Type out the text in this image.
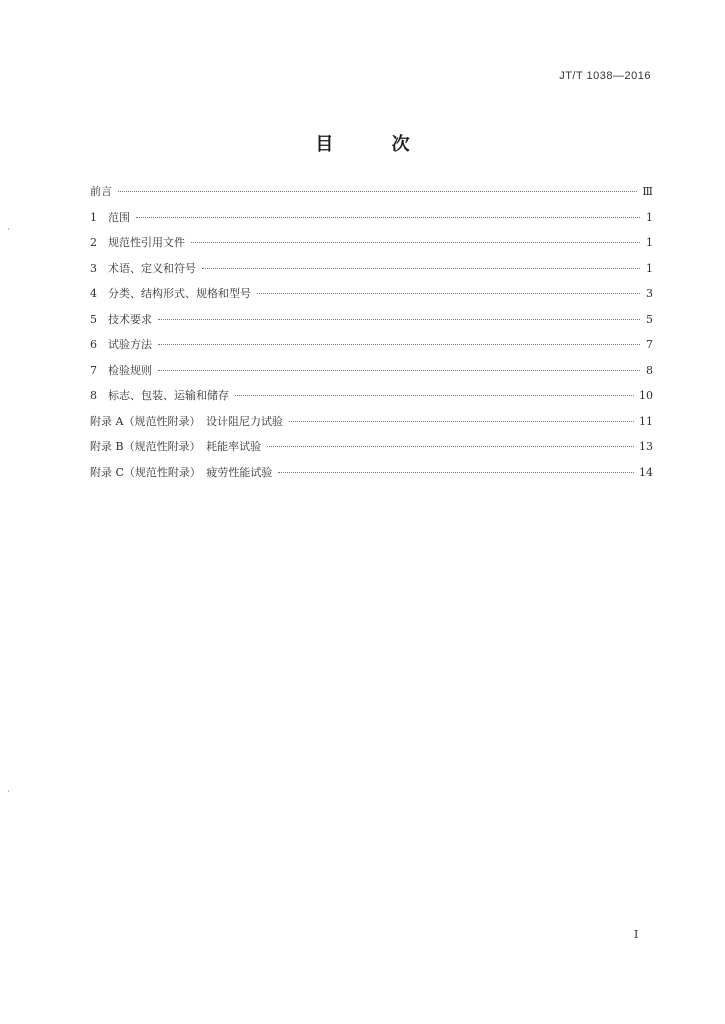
JT/T 1038—2016
目 次
前言	Ⅲ
1　范围	1
2　规范性引用文件	1
3　术语、定义和符号	1
4　分类、结构形式、规格和型号	3
5　技术要求	5
6　试验方法	7
7　检验规则	8
8　标志、包装、运输和储存	10
附录 A（规范性附录）　设计阻尼力试验	11
附录 B（规范性附录）　耗能率试验	13
附录 C（规范性附录）　疲劳性能试验	14
Ⅰ
